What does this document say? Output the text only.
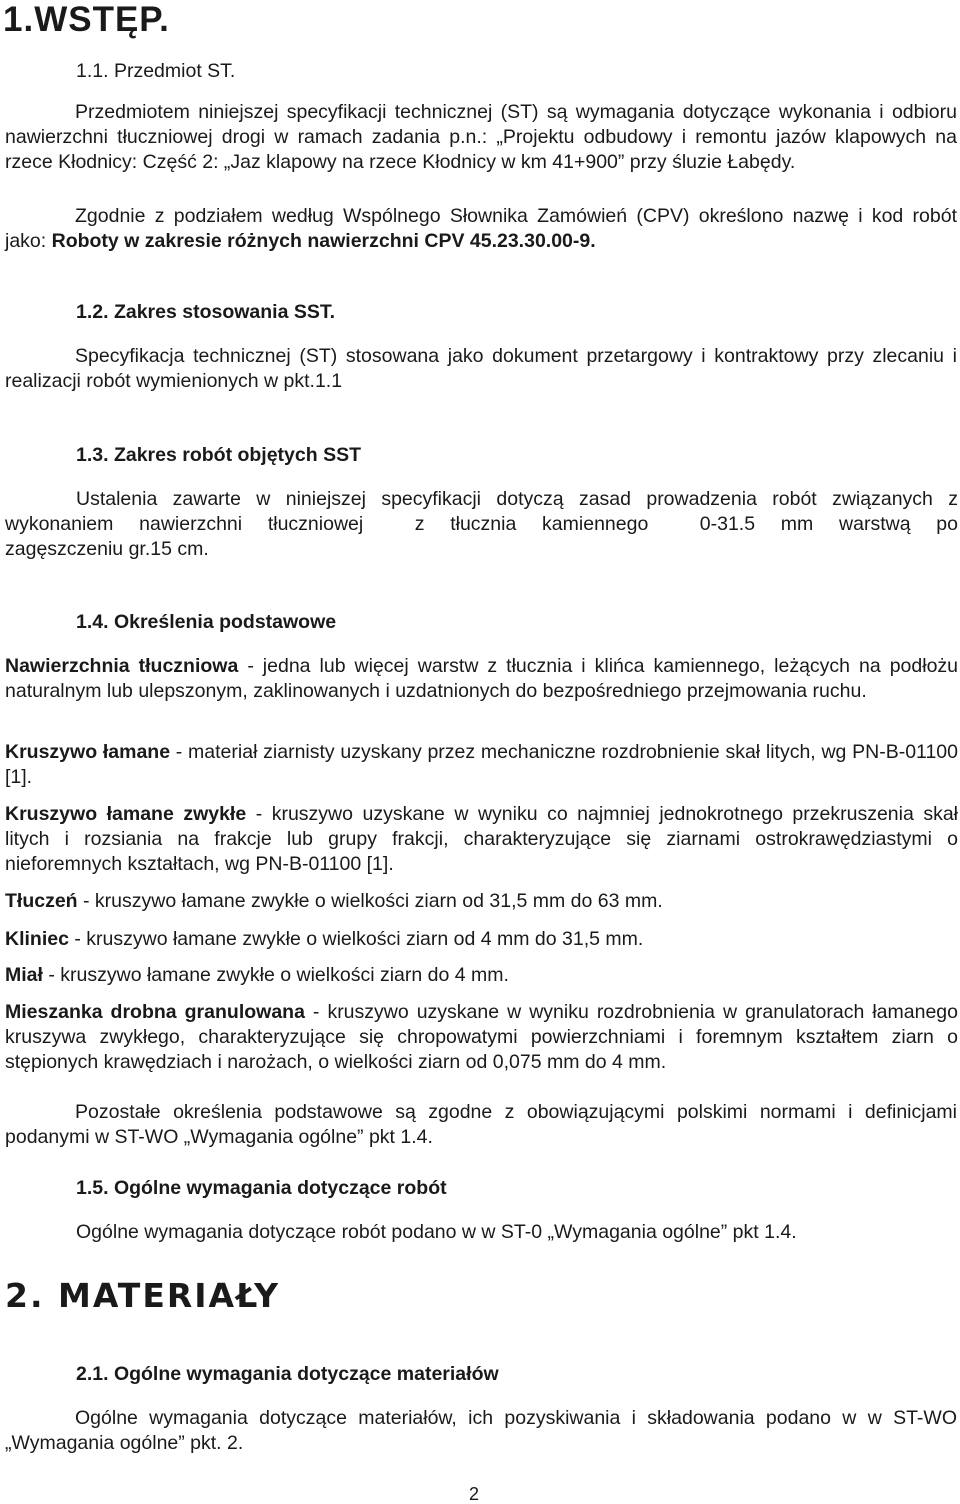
1.WSTĘP.
1.1. Przedmiot ST.
Przedmiotem niniejszej specyfikacji technicznej (ST) są wymagania dotyczące wykonania i odbioru nawierzchni tłuczniowej drogi w ramach zadania p.n.: „Projektu odbudowy i remontu jazów klapowych na rzece Kłodnicy: Część 2: „Jaz klapowy na rzece Kłodnicy w km 41+900” przy śluzie Łabędy.
Zgodnie z podziałem według Wspólnego Słownika Zamówień (CPV) określono nazwę i kod robót jako: Roboty w zakresie różnych nawierzchni CPV 45.23.30.00-9.
1.2. Zakres stosowania SST.
Specyfikacja technicznej (ST) stosowana jako dokument przetargowy i kontraktowy przy zlecaniu i realizacji robót wymienionych w pkt.1.1
1.3. Zakres robót objętych SST
Ustalenia zawarte w niniejszej specyfikacji dotyczą zasad prowadzenia robót związanych z
wykonaniem nawierzchni tłuczniowej  z tłucznia kamiennego  0-31.5 mm warstwą po
zagęszczeniu gr.15 cm.
1.4. Określenia podstawowe
Nawierzchnia tłuczniowa - jedna lub więcej warstw z tłucznia i klińca kamiennego, leżących na podłożu naturalnym lub ulepszonym, zaklinowanych i uzdatnionych do bezpośredniego przejmowania ruchu.
Kruszywo łamane - materiał ziarnisty uzyskany przez mechaniczne rozdrobnienie skał litych, wg PN-B-01100 [1].
Kruszywo łamane zwykłe - kruszywo uzyskane w wyniku co najmniej jednokrotnego przekruszenia skał litych i rozsiania na frakcje lub grupy frakcji, charakteryzujące się ziarnami ostrokrawędziastymi o nieforemnych kształtach, wg PN-B-01100 [1].
Tłuczeń - kruszywo łamane zwykłe o wielkości ziarn od 31,5 mm do 63 mm.
Kliniec - kruszywo łamane zwykłe o wielkości ziarn od 4 mm do 31,5 mm.
Miał - kruszywo łamane zwykłe o wielkości ziarn do 4 mm.
Mieszanka drobna granulowana - kruszywo uzyskane w wyniku rozdrobnienia w granulatorach łamanego kruszywa zwykłego, charakteryzujące się chropowatymi powierzchniami i foremnym kształtem ziarn o stępionych krawędziach i narożach, o wielkości ziarn od 0,075 mm do 4 mm.
Pozostałe określenia podstawowe są zgodne z obowiązującymi polskimi normami i definicjami podanymi w ST-WO „Wymagania ogólne” pkt 1.4.
1.5. Ogólne wymagania dotyczące robót
Ogólne wymagania dotyczące robót podano w w ST-0 „Wymagania ogólne” pkt 1.4.
2. MATERIAŁY
2.1. Ogólne wymagania dotyczące materiałów
Ogólne wymagania dotyczące materiałów, ich pozyskiwania i składowania podano w w ST-WO „Wymagania ogólne” pkt. 2.
2
